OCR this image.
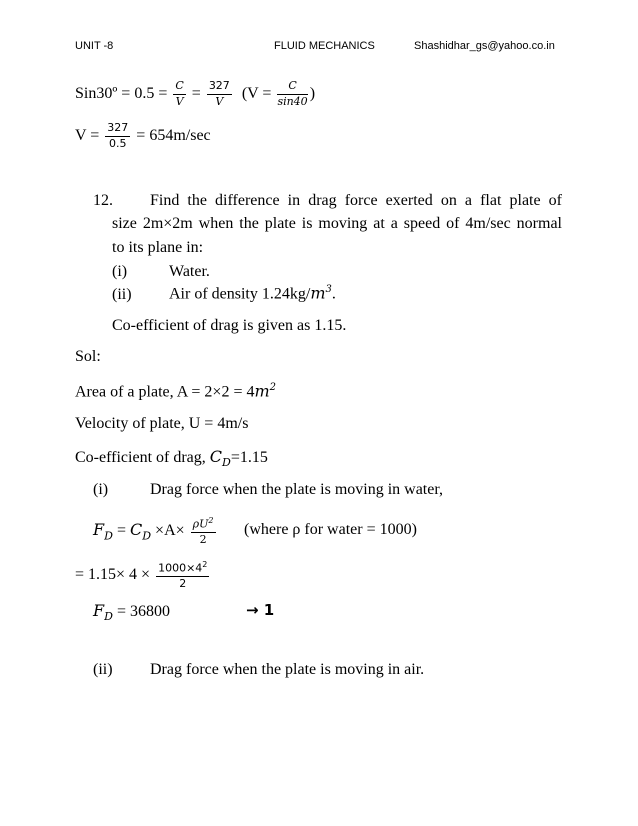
UNIT -8	FLUID MECHANICS	Shashidhar_gs@yahoo.co.in
Sin30º = $0.5 = \frac{C}{V} = \frac{327}{V} (V = \frac{C}{\sin 40}$ )
$V = \frac{327}{0.5} = 654m/\sec$
12. Find the difference in drag force exerted on a flat plate of
size 2m×2m when the plate is moving at a speed of 4m/sec normal
to its plane in:
(i)	Water.
(ii) Air of density $1.24kg/m^3$.
Co-efficient of drag is given as 1.15.
Sol:
Area of a plate, $A = 2\times 2 = 4m^2$
Velocity of plate, U = 4m/s
Co-efficient of drag, $C_D=1.15$
(i)	Drag force when the plate is moving in water,
$F_D = C_D \times A\times \frac{\rho U^2}{2}$ (where ρ for water = 1000)
= $1.15\times 4 \times \frac{1000\times 4^2}{2}$
$F_D = 36800$	→ 1
(ii) Drag force when the plate is moving in air.
